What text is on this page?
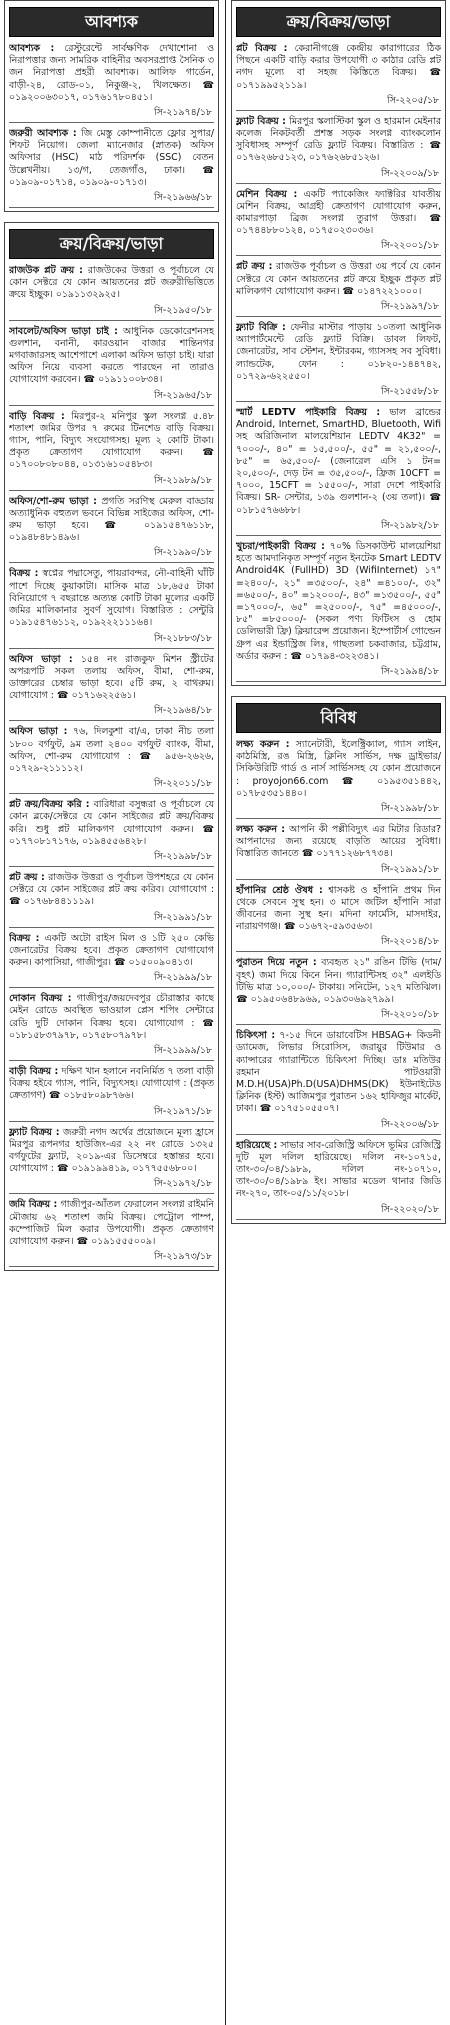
আবশ্যক
আবশ্যক : রেস্টুরেন্টে সার্বক্ষণিক দেখাশোনা ও নিরাপত্তার জন্য সামরিক বাহিনীর অবসরপ্রাপ্ত সৈনিক ৩ জন নিরাপত্তা প্রহরী আবশ্যক। আলিফ গার্ডেন, বাড়ী-২৪, রোড-০১, নিকুঞ্জ-২, খিলক্ষেত। ☎ ০১৯২০০৬৩০১৭, ০১৭৬১৭৮০৪৫১।
সি-২১৯৭৪/১৮
জরুরী আবশ্যক : জি মেস্তু কোম্পানীতে ফ্লোর সুপার/শিফট নিয়োগ। জেলা ম্যানেজার (স্নাতক) অফিস অফিসার (HSC) মাঠ পরিদর্শক (SSC) বেতন উল্লেখনীয়। ১৩/গ, তেজগাঁও, ঢাকা। ☎ ০১৯০৯-০১৭১৪, ০১৯০৯-০১৭১৩।
সি-২১৯৬৬/১৮
ক্রয়/বিক্রয়/ভাড়া
রাজউক প্লট ক্রয় : রাজউকের উত্তরা ও পূর্বাচলে যে কোন সেক্টরে যে কোন আয়তনের প্লট জরুরীভিত্তিতে ক্রয়ে ইচ্ছুক। ০১৯১১৩২৯২৫।
সি-২১৯৫০/১৮
সাবলেট/অফিস ভাড়া চাই : আধুনিক ডেকোরেশনসহ গুলশান, বনানী, কারওয়ান বাজার শান্তিনগর মগবাজারসহ আশেপাশে এলাকা অফিস ভাড়া চাই। যারা অফিস নিয়ে ব্যবসা করতে পারছেন না তারাও যোগাযোগ করবেন। ☎ ০১৯১১০০৮৩৪।
সি-২১৯৬৫/১৮
বাড়ি বিক্রয় : মিরপুর-২ মনিপুর স্কুল সংলগ্ন ৫.৪৮ শতাংশ জমির উপর ৭ রুমের টিনশেড বাড়ি বিক্রয়। গ্যাস, পানি, বিদ্যুৎ সংযোগসহ। মূল্য ২ কোটি টাকা। প্রকৃত ক্রেতাগণ যোগাযোগ করুন। ☎ ০১৭০০৮০৮০৪৪, ০১৩১৬১০৫৪৮৩।
সি-২১৯৮৯/১৮
অফিস/শো-রুম ভাড়া : প্রগতি সরণিস্থ মেরুল বাড্ডায় অত্যাধুনিক বহুতল ভবনে বিভিন্ন সাইজের অফিস, শো-রুম ভাড়া হবে। ☎ ০১৯১৫৪৭৬১১৮, ০১৯৪৮৪৮১৪৯৬।
সি-২১৯৯০/১৮
বিক্রয় : স্বপ্নের পদ্মাসেতু, পায়রাবন্দর, নৌ-বাহিনী ঘাঁটি পাশে দিচ্ছে কুয়াকাটা। মাসিক মাত্র ১৮,৬৫৫ টাকা বিনিয়োগে ৭ বছরান্তে অত্যন্ত কোটি টাকা মূল্যের একটি জমির মালিকানার সুবর্ণ সুযোগ। বিস্তারিত : সেন্টুরি ০১৯১৫৪৭৬১১২, ০১৯২২২১১১৬৪।
সি-২১৮৮৩/১৮
অফিস ভাড়া : ১৫৪ নং রাজকুফ মিশন স্ট্রীটের অপরূপটি সকল তলায় অফিস, বীমা, শো-রুম, ডাক্তারের চেম্বার ভাড়া হবে। ৫টি রুম, ২ বাথরুম। যোগাযোগ : ☎ ০১৭১৬২২৫৬১।
সি-২১৯৬৪/১৮
অফিস ভাড়া : ৭৬, দিলকুশা বা/এ, ঢাকা নীচ তলা ১৮০০ বর্গফুট, ৯ম তলা ২৪০০ বর্গফুট ব্যাংক, বীমা, অফিস, শো-রুম যোগাযোগ : ☎ ৯৫৬-২৬২৬, ০১৭২৯-২১১১১২।
সি-২২০১১/১৮
প্লট ক্রয়/বিক্রয় করি : বারিধারা বসুন্ধরা ও পূর্বাচলে যে কোন ব্লকে/সেক্টরে যে কোন সাইজের প্লট ক্রয়/বিক্রয় করি। শুধু প্লট মালিকগণ যোগাযোগ করুন। ☎ ০১৭৭০৮১৭১৭৬, ০১৯৪৫৫৬৪২৮।
সি-২১৯৯৮/১৮
প্লট ক্রয় : রাজউক উত্তরা ও পূর্বাচল উপশহরে যে কোন সেক্টরে যে কোন সাইজের প্লট ক্রয় করিব। যোগাযোগ : ☎ ০১৭৬৮৪৪১১১৯।
সি-২১৯৯১/১৮
বিক্রয় : একটি অটো রাইস মিল ও ১টি ২৫০ কেভি জেনারেটর বিক্রয় হবে। প্রকৃত ক্রেতাগণ যোগাযোগ করুন। কাপাসিয়া, গাজীপুর। ☎ ০১৫০০৯০৪১৩।
সি-২১৯৯৯/১৮
দোকান বিক্রয় : গাজীপুর/জয়দেবপুর চৌরাস্তার কাছে মেইন রোডে অবস্থিত ভাওয়াল প্লেস শপিং সেন্টারে রেডি দুটি দোকান বিক্রয় হবে। যোগাযোগ : ☎ ০১৮১৫৮৩৭৯৭৮, ০১৭৫৮০৭৯৭৮।
সি-২১৯৯৯/১৮
বাড়ী বিক্রয় : দক্ষিণ খান হলানে নবনির্মিত ৭ তলা বাড়ী বিক্রয় হইবে গ্যাস, পানি, বিদ্যুৎসহ। যোগাযোগ : (প্রকৃত ক্রেতাগণ) ☎ ০১৮৫৮০৯৮৭৬৬।
সি-২১৯৭১/১৮
ফ্ল্যাট বিক্রয় : জরুরী নগদ অর্থের প্রয়োজনে মূল্য হ্রাসে মিরপুর রূপনগর হাউজিং-এর ২২ নং রোডে ১৩২৫ বর্গফুটের ফ্ল্যাট, ২০১৯-এর ডিসেম্বরে হস্তান্তর হবে। যোগাযোগ : ☎ ০১৯১৯৯৪১৯, ০১৭৭৫৫৬৮০০।
সি-২১৯৭২/১৮
জমি বিক্রয় : গাজীপুর-আঁতল ফেরালেন সংলগ্ন রাইমনি মৌজায় ৬২ শতাংশ জমি বিক্রয়। পেট্রোল পাম্প, কম্পোজিট মিল করার উপযোগী। প্রকৃত ক্রেতাগণ যোগাযোগ করুন। ☎ ০১৯১৫৫৫০০৯।
সি-২১৯৭৩/১৮
ক্রয়/বিক্রয়/ভাড়া
প্লট বিক্রয় : কেরানীগঞ্জে কেন্দ্রীয় কারাগারের ঠিক পিছনে একটি বাড়ি করার উপযোগী ৩ কাঠার রেডি প্লট নগদ মূল্যে বা সহজ কিস্তিতে বিক্রয়। ☎ ০১৭১৯৯৫২১১৯।
সি-২২০৫/১৮
ফ্ল্যাট বিক্রয় : মিরপুর স্কলাস্টিকা স্কুল ও হারমান মেইনার কলেজ নিকটবর্তী প্রশস্ত সড়ক সংলগ্ন ব্যাংকলোন সুবিধাসহ সম্পূর্ণ রেডি ফ্ল্যাট বিক্রয়। বিস্তারিত : ☎ ০১৭৬২৬৮৫১২৩, ০১৭৬২৬৮৫১২৬।
সি-২২০০৯/১৮
মেশিন বিক্রয় : একটি প্যাকেজিং ফ্যাক্টরির যাবতীয় মেশিন বিক্রয়, আগ্রহী ক্রেতাগণ যোগাযোগ করুন, কামারপাড়া ব্রিজ সংলগ্ন তুরাগ উত্তরা। ☎ ০১৭৪৪৮৮০১২৪, ০১৭৫০২৩০৩৬।
সি-২২০০১/১৮
প্লট ক্রয় : রাজউক পূর্বাচল ও উত্তরা ৩য় পর্বে যে কোন সেক্টরে যে কোন আয়তনের প্লট ক্রয়ে ইচ্ছুক প্রকৃত প্লট মালিকগণ যোগাযোগ করুন। ☎ ০১৪৭২২১০০০।
সি-২১৯৯৭/১৮
ফ্ল্যাট বিক্রি : ফেনীর মাস্টার পাড়ায় ১০তলা আধুনিক অ্যাপার্টমেন্টে রেডি ফ্ল্যাট বিক্রি। ডাবল লিফট, জেনারেটর, সাব স্টেশন, ইন্টারকম, গ্যাসসহ সব সুবিধা। ল্যান্ডটেক, ফোন : ০১৮২০-১৪৪৭৪২, ০১৭২৯-৬২২৫৫০।
সি-২১৫৫৮/১৮
স্মার্ট LEDTV পাইকারি বিক্রয় : ভাল ব্রান্ডের Android, Internet, SmartHD, Bluetooth, Wifi সহ অরিজিনাল মালয়েশিয়ান LEDTV 4K32" = ৭০০০/-, ৪০" = ১৫,৫০০/-, ৫৫" = ২১,৫০০/-, ৮৫" = ৬৫,৫০০/- (জেনারেল এসি ১ টন= ২০,৫০০/-, দেড় টন = ৩৫,৫০০/-, ফ্রিজ 10CFT = ৭০০০, 15CFT = ১৫৫০০/-, সারা দেশে পাইকারি বিক্রয়। SR- সেন্টার, ১৩৯ গুলশান-২ (৩য় তলা)। ☎ ০১৮১৫৭৬৬৮৮।
সি-২১৯৮২/১৮
খুচরা/পাইকারী বিক্রয় : ৭০% ডিসকাউন্ট মালয়েশিয়া হতে আমদানিকৃত সম্পূর্ণ নতুন ইনটেক Smart LEDTV Android4K (FullHD) 3D (WifiInternet) ১৭" =২৪০০/-, ২১" =৩৫০০/-, ২৪" =৪১০০/-, ৩২" =৬৫০০/-, ৪০" =১২০০০/-, ৪৩" =১৩৫০০/-, ৫৫" =১৭০০০/-, ৬৫" =২৫০০০/-, ৭৫" =৪৫০০০/-, ৮৫" =৮৫০০০/- (সকল পণ্য ফিটিংস ও হোম ডেলিভারী ফ্রি) ক্লিয়ারেন্স প্রয়োজন। ইম্পোর্টার্স গোল্ডেন গ্রুপ এর ইন্ডাস্ট্রিজ লিঃ, গাছতলা চকবাজার, চট্টগ্রাম, অর্ডার করুন : ☎ ০১৭৯৪-৩২২৩৪১।
সি-২১৯৯৪/১৮
বিবিধ
লক্ষ্য করুন : স্যানেটারী, ইলেক্ট্রিক্যাল, গ্যাস লাইন, কাঠমিস্ত্রি, রঙ মিস্ত্রি, ক্লিনিং সার্ভিস, দক্ষ ড্রাইভার/সিকিউরিটি গার্ড ও নার্স সার্ভিসসহ যে কোন প্রয়োজনে : proyojon66.com ☎ ০১৯৫৩৫১৪৪২, ০১৭৮৫৩৫১৪৪০।
সি-২১৯৯৮/১৮
লক্ষ্য করুন : আপনি কী পল্লীবিদ্যুৎ এর মিটার রিডার? আপনাদের জন্য রয়েছে বাড়তি আয়ের সুবিধা। বিস্তারিত জানতে ☎ ০১৭৭১২৬৮৭৭৩৪।
সি-২১৯৯১/১৮
হাঁপানির শ্রেষ্ঠ ঔষধ : শ্বাসকষ্ট ও হাঁপানি প্রথম দিন থেকে সেবনে সুস্থ হন। ৩ মাসে জটিল হাঁপানি সারা জীবনের জন্য সুস্থ হন। মদিনা ফার্মেসি, মাসদাইর, নারায়ণগঞ্জ। ☎ ০১৬৭২-৫৯৩৫৬৩।
সি-২২০১৪/১৮
পুরাতন দিয়ে নতুন : ব্যবহৃত ২১" রঙিন টিভি (দাম/বৃহৎ) জমা দিয়ে কিনে নিন। গ্যারান্টিসহ ৩২" এলইডি টিভি মাত্র ১০,০০০/- টাকায়। সনিটেন, ১২৭ মতিঝিল। ☎ ০১৯৫০৬৪৮৯৬৯, ০১৯৩০৬৯২৭৯৯।
সি-২২০১০/১৮
চিকিৎসা : ৭-১৫ দিনে ডায়াবেটিস HBSAG+ কিডনী ড্যামেজ, লিভার সিরোসিস, জরায়ুর টিউমার ও ক্যান্সারের গ্যারান্টিতে চিকিৎসা দিচ্ছি। ডাঃ মতিউর রহমান পাটওয়ারী M.D.H(USA)Ph.D(USA)DHMS(DK) ইউনাইটেড ক্লিনিক (ইস্ট) আজিমপুর পুরাতন ১৬২ হাফিজুর মার্কেট, ঢাকা। ☎ ০১৭৫১০৫৫০৭।
সি-২২০০৬/১৮
হারিয়েছে : সাভার সাব-রেজিস্ট্রি অফিসে ভূমির রেজিস্ট্রি দুটি মূল দলিল হারিয়েছে। দলিল নং-১০৭১৫, তাং-৩০/০৪/১৯৮৯, দলিল নং-১০৭১০, তাং-৩০/০৪/১৯৮৯ ইং। সাভার মডেল থানার জিডি নং-২৭০, তাং-০৫/১১/২০১৮।
সি-২২০২০/১৮
